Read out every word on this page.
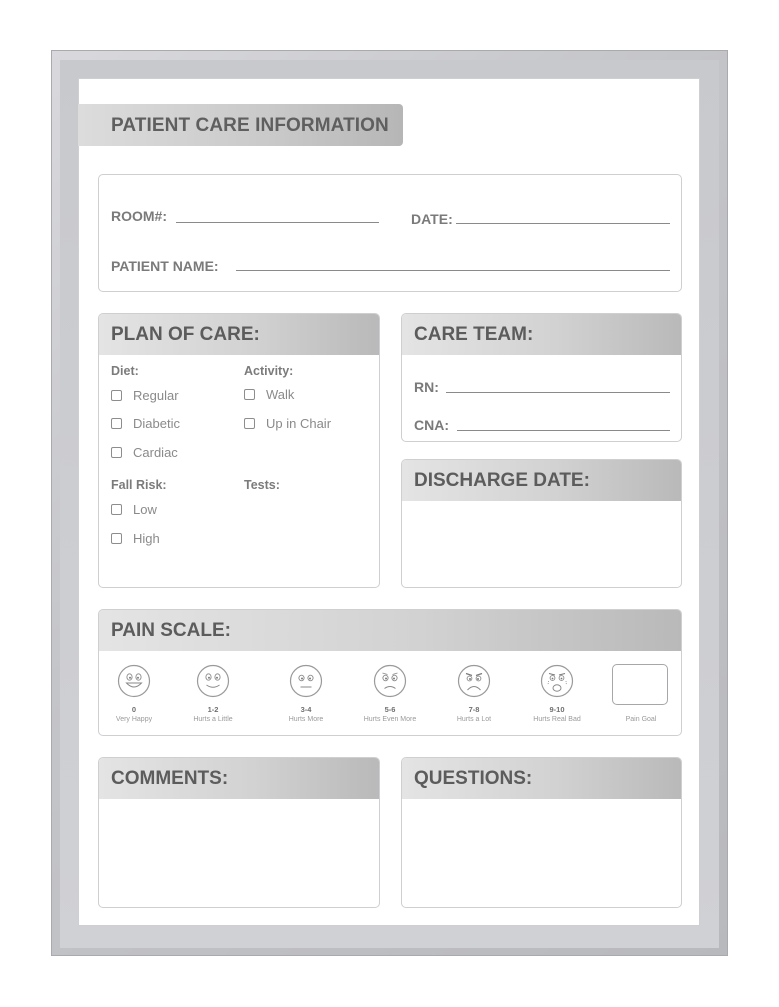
PATIENT CARE INFORMATION
ROOM#:	DATE:
PATIENT NAME:
PLAN OF CARE:
Diet:
Regular
Diabetic
Cardiac
Activity:
Walk
Up in Chair
Fall Risk:
Low
High
Tests:
CARE TEAM:
RN:
CNA:
DISCHARGE DATE:
PAIN SCALE:
0	1-2	3-4	5-6	7-8	9-10
Very Happy	Hurts a Little	Hurts More	Hurts Even More	Hurts a Lot	Hurts Real Bad	Pain Goal
COMMENTS:	QUESTIONS:
